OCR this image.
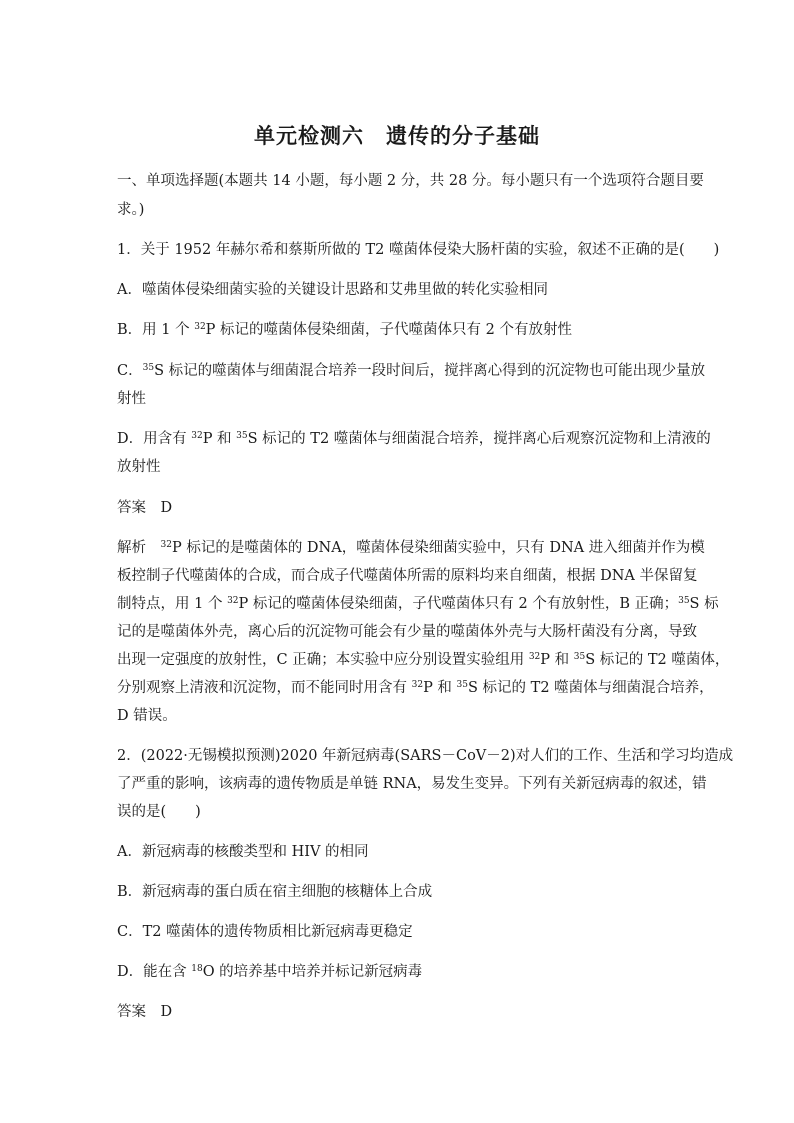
单元检测六　遗传的分子基础
一、单项选择题(本题共 14 小题，每小题 2 分，共 28 分。每小题只有一个选项符合题目要
求。)
1．关于 1952 年赫尔希和蔡斯所做的 T2 噬菌体侵染大肠杆菌的实验，叙述不正确的是(　　)
A．噬菌体侵染细菌实验的关键设计思路和艾弗里做的转化实验相同
B．用 1 个 $^{32}$P 标记的噬菌体侵染细菌，子代噬菌体只有 2 个有放射性
C．$^{35}$S 标记的噬菌体与细菌混合培养一段时间后，搅拌离心得到的沉淀物也可能出现少量放
射性
D．用含有 $^{32}$P 和 $^{35}$S 标记的 T2 噬菌体与细菌混合培养，搅拌离心后观察沉淀物和上清液的
放射性
答案　D
解析　$^{32}$P 标记的是噬菌体的 DNA，噬菌体侵染细菌实验中，只有 DNA 进入细菌并作为模
板控制子代噬菌体的合成，而合成子代噬菌体所需的原料均来自细菌，根据 DNA 半保留复
制特点，用 1 个 $^{32}$P 标记的噬菌体侵染细菌，子代噬菌体只有 2 个有放射性，B 正确；$^{35}$S 标
记的是噬菌体外壳，离心后的沉淀物可能会有少量的噬菌体外壳与大肠杆菌没有分离，导致
出现一定强度的放射性，C 正确；本实验中应分别设置实验组用 $^{32}$P 和 $^{35}$S 标记的 T2 噬菌体，
分别观察上清液和沉淀物，而不能同时用含有 $^{32}$P 和 $^{35}$S 标记的 T2 噬菌体与细菌混合培养，
D 错误。
2．(2022·无锡模拟预测)2020 年新冠病毒(SARS－CoV－2)对人们的工作、生活和学习均造成
了严重的影响，该病毒的遗传物质是单链 RNA，易发生变异。下列有关新冠病毒的叙述，错
误的是(　　)
A．新冠病毒的核酸类型和 HIV 的相同
B．新冠病毒的蛋白质在宿主细胞的核糖体上合成
C．T2 噬菌体的遗传物质相比新冠病毒更稳定
D．能在含 $^{18}$O 的培养基中培养并标记新冠病毒
答案　D
